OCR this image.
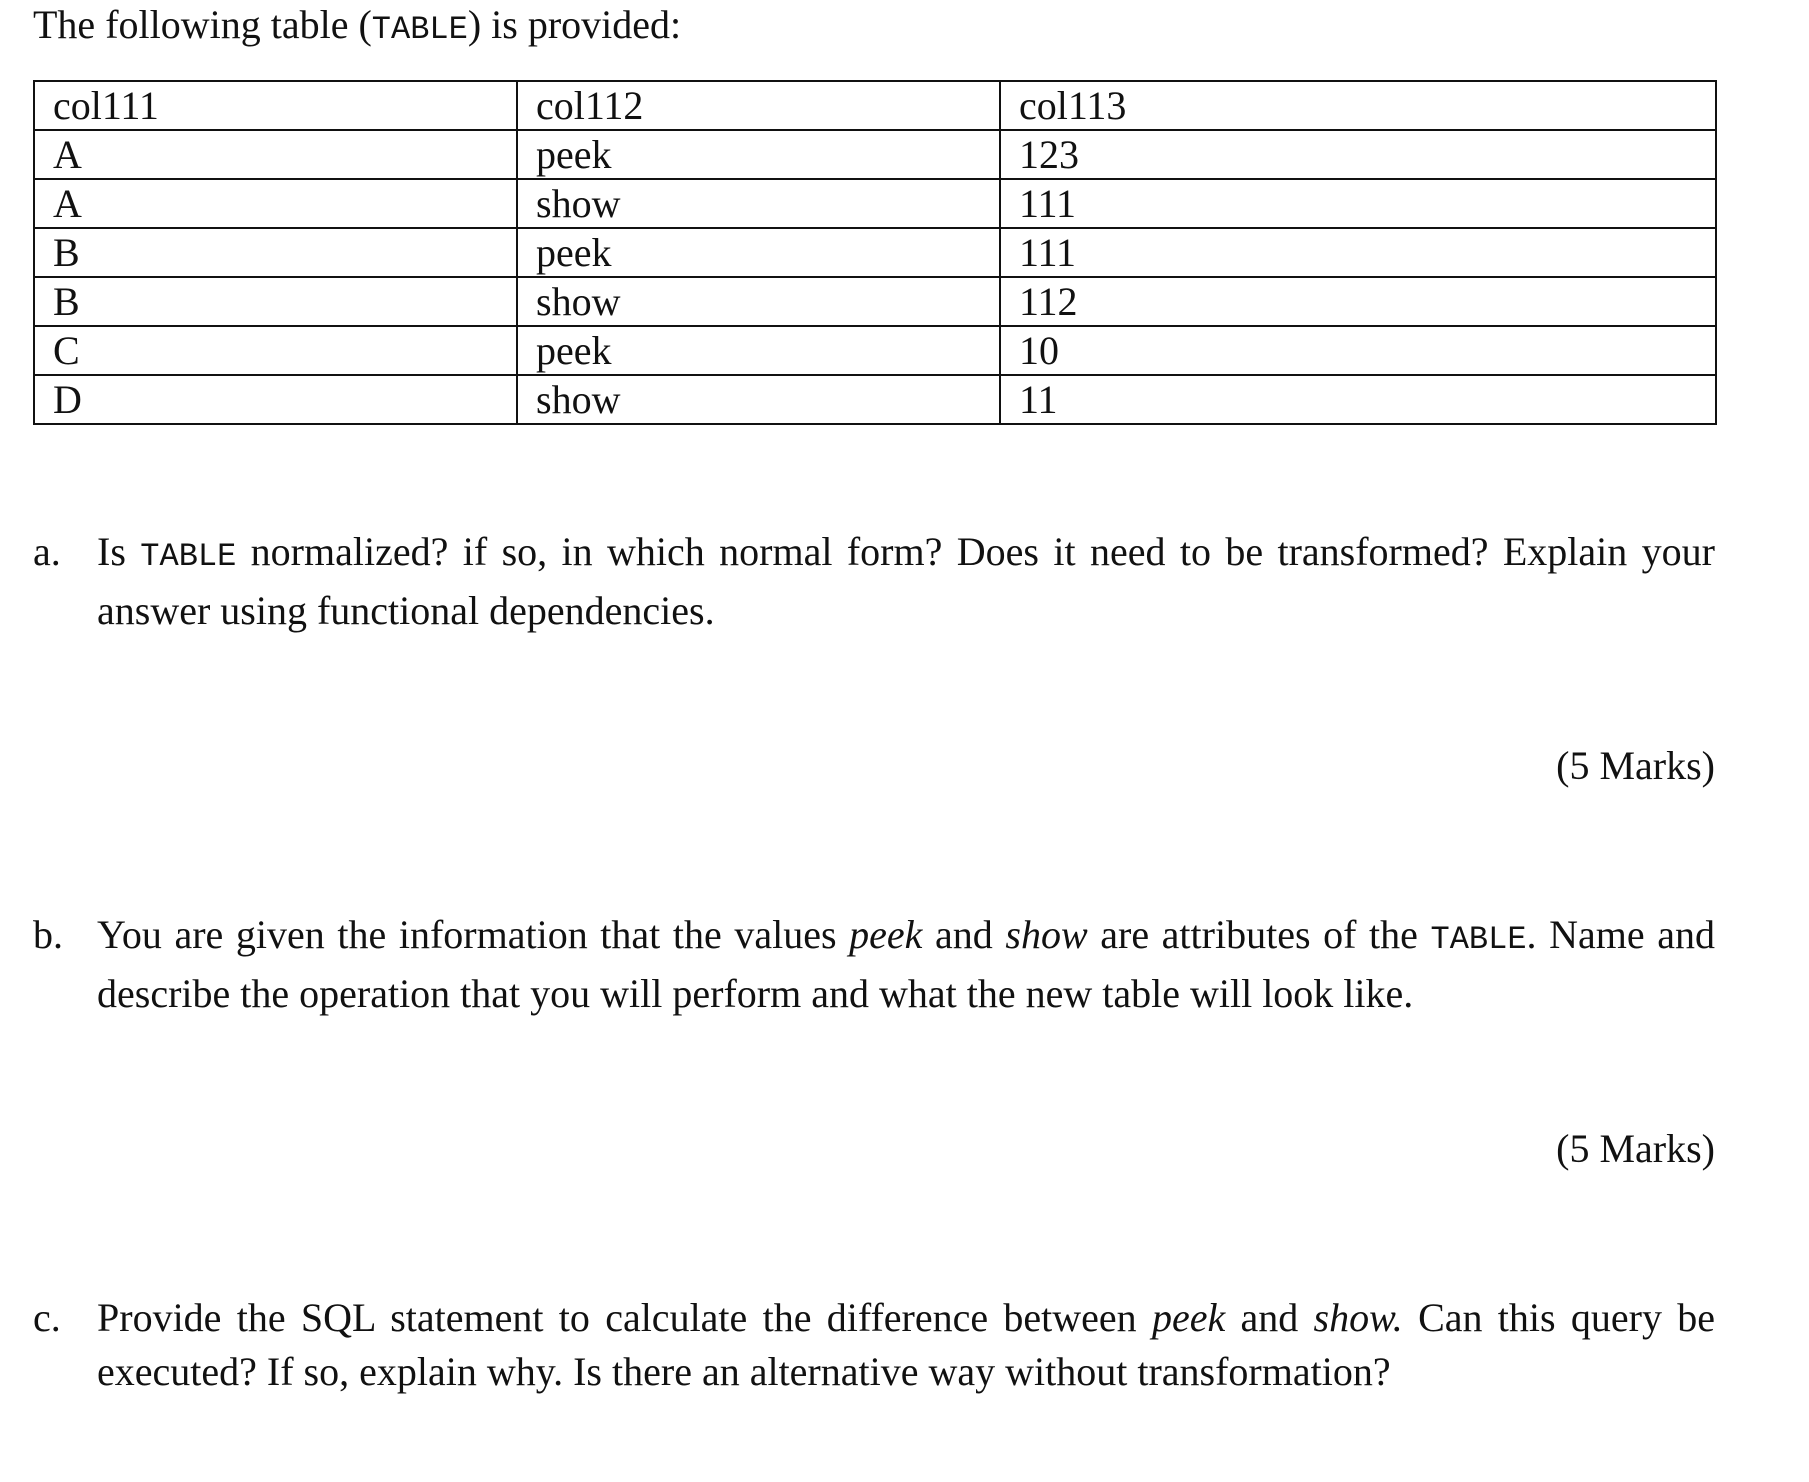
The following table (TABLE) is provided:
col111	col112	col113
A	peek	123
A	show	111
B	peek	111
B	show	112
C	peek	10
D	show	11
a. Is TABLE normalized? if so, in which normal form? Does it need to be transformed? Explain your answer using functional dependencies.
(5 Marks)
b. You are given the information that the values peek and show are attributes of the TABLE. Name and describe the operation that you will perform and what the new table will look like.
(5 Marks)
c. Provide the SQL statement to calculate the difference between peek and show. Can this query be executed? If so, explain why. Is there an alternative way without transformation?
